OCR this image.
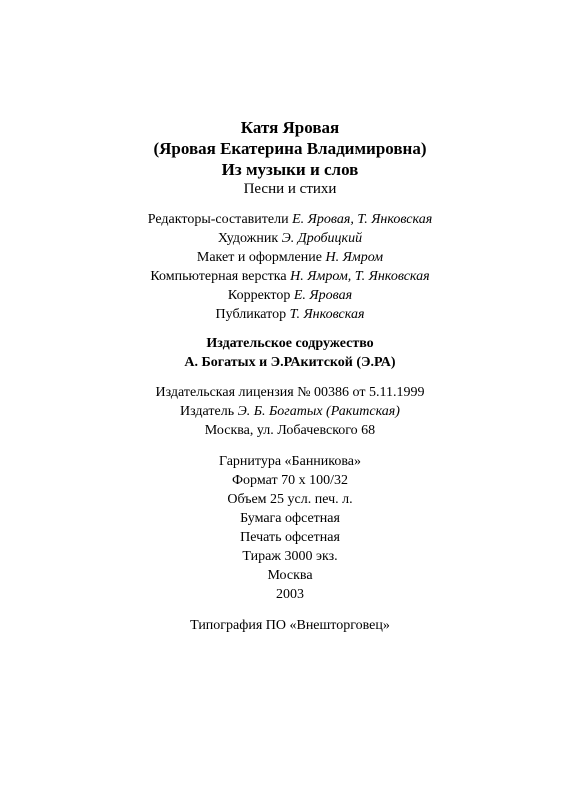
Катя Яровая
(Яровая Екатерина Владимировна)
Из музыки и слов
Песни и стихи
Редакторы-составители Е. Яровая, Т. Янковская
Художник Э. Дробицкий
Макет и оформление Н. Ямром
Компьютерная верстка Н. Ямром, Т. Янковская
Корректор Е. Яровая
Публикатор Т. Янковская
Издательское содружество
А. Богатых и Э.РАкитской (Э.РА)
Издательская лицензия № 00386 от 5.11.1999
Издатель Э. Б. Богатых (Ракитская)
Москва, ул. Лобачевского 68
Гарнитура «Банникова»
Формат 70 х 100/32
Объем 25 усл. печ. л.
Бумага офсетная
Печать офсетная
Тираж 3000 экз.
Москва
2003
Типография ПО «Внешторговец»
